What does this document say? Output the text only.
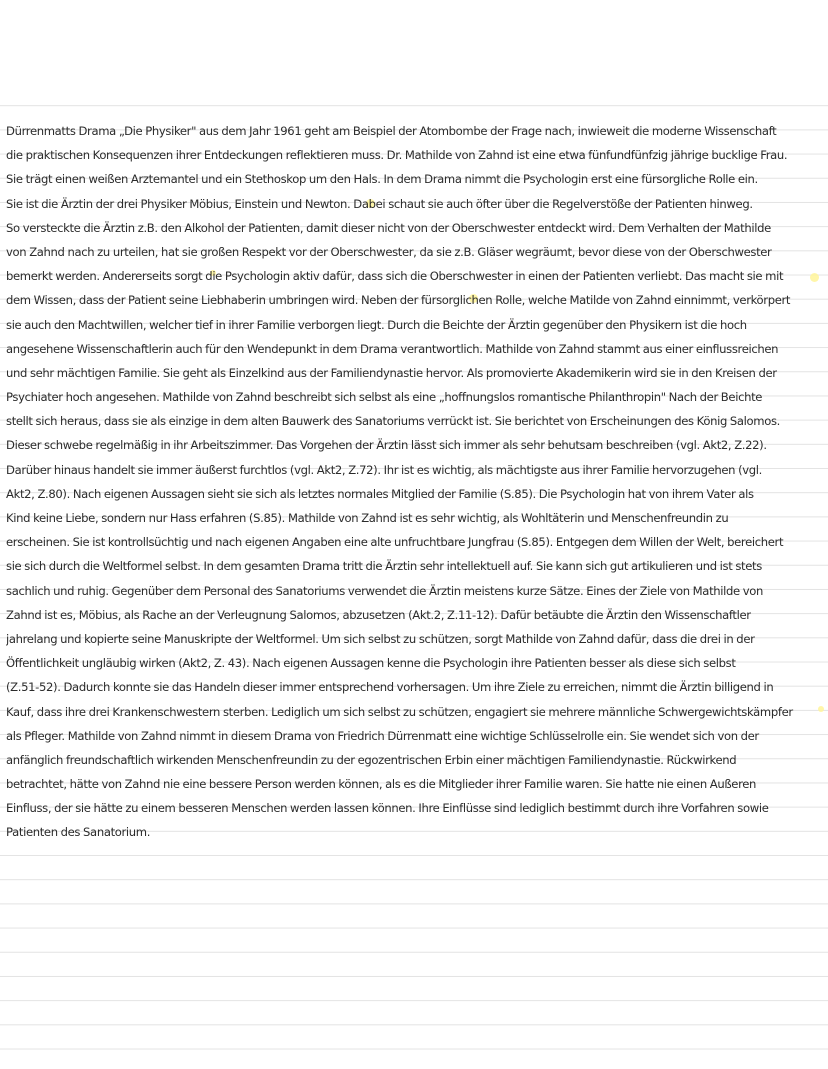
Dürrenmatts Drama „Die Physiker" aus dem Jahr 1961 geht am Beispiel der Atombombe der Frage nach, inwieweit die moderne Wissenschaft
die praktischen Konsequenzen ihrer Entdeckungen reflektieren muss. Dr. Mathilde von Zahnd ist eine etwa fünfundfünfzig jährige bucklige Frau.
Sie trägt einen weißen Arztemantel und ein Stethoskop um den Hals. In dem Drama nimmt die Psychologin erst eine fürsorgliche Rolle ein.
Sie ist die Ärztin der drei Physiker Möbius, Einstein und Newton. Dabei schaut sie auch öfter über die Regelverstöße der Patienten hinweg.
So versteckte die Ärztin z.B. den Alkohol der Patienten, damit dieser nicht von der Oberschwester entdeckt wird. Dem Verhalten der Mathilde
von Zahnd nach zu urteilen, hat sie großen Respekt vor der Oberschwester, da sie z.B. Gläser wegräumt, bevor diese von der Oberschwester
bemerkt werden. Andererseits sorgt die Psychologin aktiv dafür, dass sich die Oberschwester in einen der Patienten verliebt. Das macht sie mit
dem Wissen, dass der Patient seine Liebhaberin umbringen wird. Neben der fürsorglichen Rolle, welche Matilde von Zahnd einnimmt, verkörpert
sie auch den Machtwillen, welcher tief in ihrer Familie verborgen liegt. Durch die Beichte der Ärztin gegenüber den Physikern ist die hoch
angesehene Wissenschaftlerin auch für den Wendepunkt in dem Drama verantwortlich. Mathilde von Zahnd stammt aus einer einflussreichen
und sehr mächtigen Familie. Sie geht als Einzelkind aus der Familiendynastie hervor. Als promovierte Akademikerin wird sie in den Kreisen der
Psychiater hoch angesehen. Mathilde von Zahnd beschreibt sich selbst als eine „hoffnungslos romantische Philanthropin" Nach der Beichte
stellt sich heraus, dass sie als einzige in dem alten Bauwerk des Sanatoriums verrückt ist. Sie berichtet von Erscheinungen des König Salomos.
Dieser schwebe regelmäßig in ihr Arbeitszimmer. Das Vorgehen der Ärztin lässt sich immer als sehr behutsam beschreiben (vgl. Akt2, Z.22).
Darüber hinaus handelt sie immer äußerst furchtlos (vgl. Akt2, Z.72). Ihr ist es wichtig, als mächtigste aus ihrer Familie hervorzugehen (vgl.
Akt2, Z.80). Nach eigenen Aussagen sieht sie sich als letztes normales Mitglied der Familie (S.85). Die Psychologin hat von ihrem Vater als
Kind keine Liebe, sondern nur Hass erfahren (S.85). Mathilde von Zahnd ist es sehr wichtig, als Wohltäterin und Menschenfreundin zu
erscheinen. Sie ist kontrollsüchtig und nach eigenen Angaben eine alte unfruchtbare Jungfrau (S.85). Entgegen dem Willen der Welt, bereichert
sie sich durch die Weltformel selbst. In dem gesamten Drama tritt die Ärztin sehr intellektuell auf. Sie kann sich gut artikulieren und ist stets
sachlich und ruhig. Gegenüber dem Personal des Sanatoriums verwendet die Ärztin meistens kurze Sätze. Eines der Ziele von Mathilde von
Zahnd ist es, Möbius, als Rache an der Verleugnung Salomos, abzusetzen (Akt.2, Z.11-12). Dafür betäubte die Ärztin den Wissenschaftler
jahrelang und kopierte seine Manuskripte der Weltformel. Um sich selbst zu schützen, sorgt Mathilde von Zahnd dafür, dass die drei in der
Öffentlichkeit ungläubig wirken (Akt2, Z. 43). Nach eigenen Aussagen kenne die Psychologin ihre Patienten besser als diese sich selbst
(Z.51-52). Dadurch konnte sie das Handeln dieser immer entsprechend vorhersagen. Um ihre Ziele zu erreichen, nimmt die Ärztin billigend in
Kauf, dass ihre drei Krankenschwestern sterben. Lediglich um sich selbst zu schützen, engagiert sie mehrere männliche Schwergewichtskämpfer
als Pfleger. Mathilde von Zahnd nimmt in diesem Drama von Friedrich Dürrenmatt eine wichtige Schlüsselrolle ein. Sie wendet sich von der
anfänglich freundschaftlich wirkenden Menschenfreundin zu der egozentrischen Erbin einer mächtigen Familiendynastie. Rückwirkend
betrachtet, hätte von Zahnd nie eine bessere Person werden können, als es die Mitglieder ihrer Familie waren. Sie hatte nie einen Außeren
Einfluss, der sie hätte zu einem besseren Menschen werden lassen können. Ihre Einflüsse sind lediglich bestimmt durch ihre Vorfahren sowie
Patienten des Sanatorium.
